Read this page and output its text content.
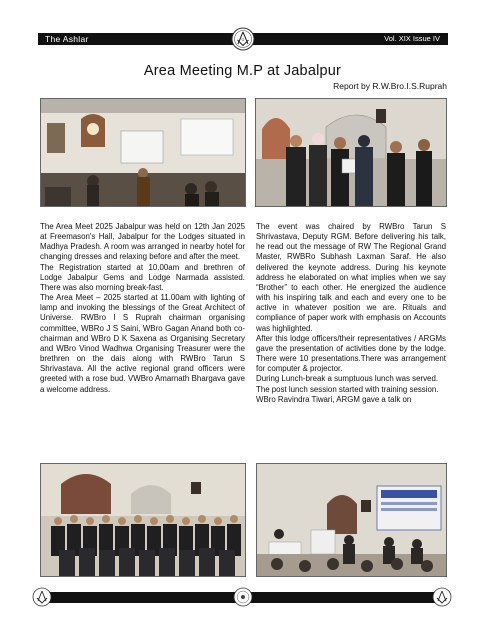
The Ashlar	Vol. XIX Issue IV
G
Area Meeting M.P at Jabalpur
Report by R.W.Bro.I.S.Ruprah

The Area Meet 2025 Jabalpur was held on 12th Jan 2025 at Freemason's Hall, Jabalpur for the Lodges situated in Madhya Pradesh. A room was arranged in nearby hotel for changing dresses and relaxing before and after the meet.

The Registration started at 10.00am and brethren of Lodge Jabalpur Gems and Lodge Narmada assisted. There was also morning break-fast.

The Area Meet – 2025 started at 11.00am with lighting of lamp and invoking the blessings of the Great Architect of Universe. RWBro I S Ruprah chairman organising committee, WBRo J S Saini, WBro Gagan Anand both co-chairman and WBro D K Saxena as Organising Secretary and WBro Vinod Wadhwa Organising Treasurer were the brethren on the dais along with RWBro Tarun S Shrivastava. All the active regional grand officers were greeted with a rose bud. VWBro Amarnath Bhargava gave a welcome address.

The event was chaired by RWBro Tarun S Shrivastava, Deputy RGM. Before delivering his talk, he read out the message of RW The Regional Grand Master, RWBRo Subhash Laxman Saraf. He also delivered the keynote address. During his keynote address he elaborated on what implies when we say “Brother” to each other. He energized the audience with his inspiring talk and each and every one to be active in whatever position we are. Rituals and compliance of paper work with emphasis on Accounts was highlighted.

After this lodge officers/their representatives / ARGMs gave the presentation of activities done by the lodge. There were 10 presentations.There was arrangement for computer & projector.

During Lunch-break a sumptuous lunch was served.

The post lunch session started with training session.

WBro Ravindra Tiwari, ARGM gave a talk on
